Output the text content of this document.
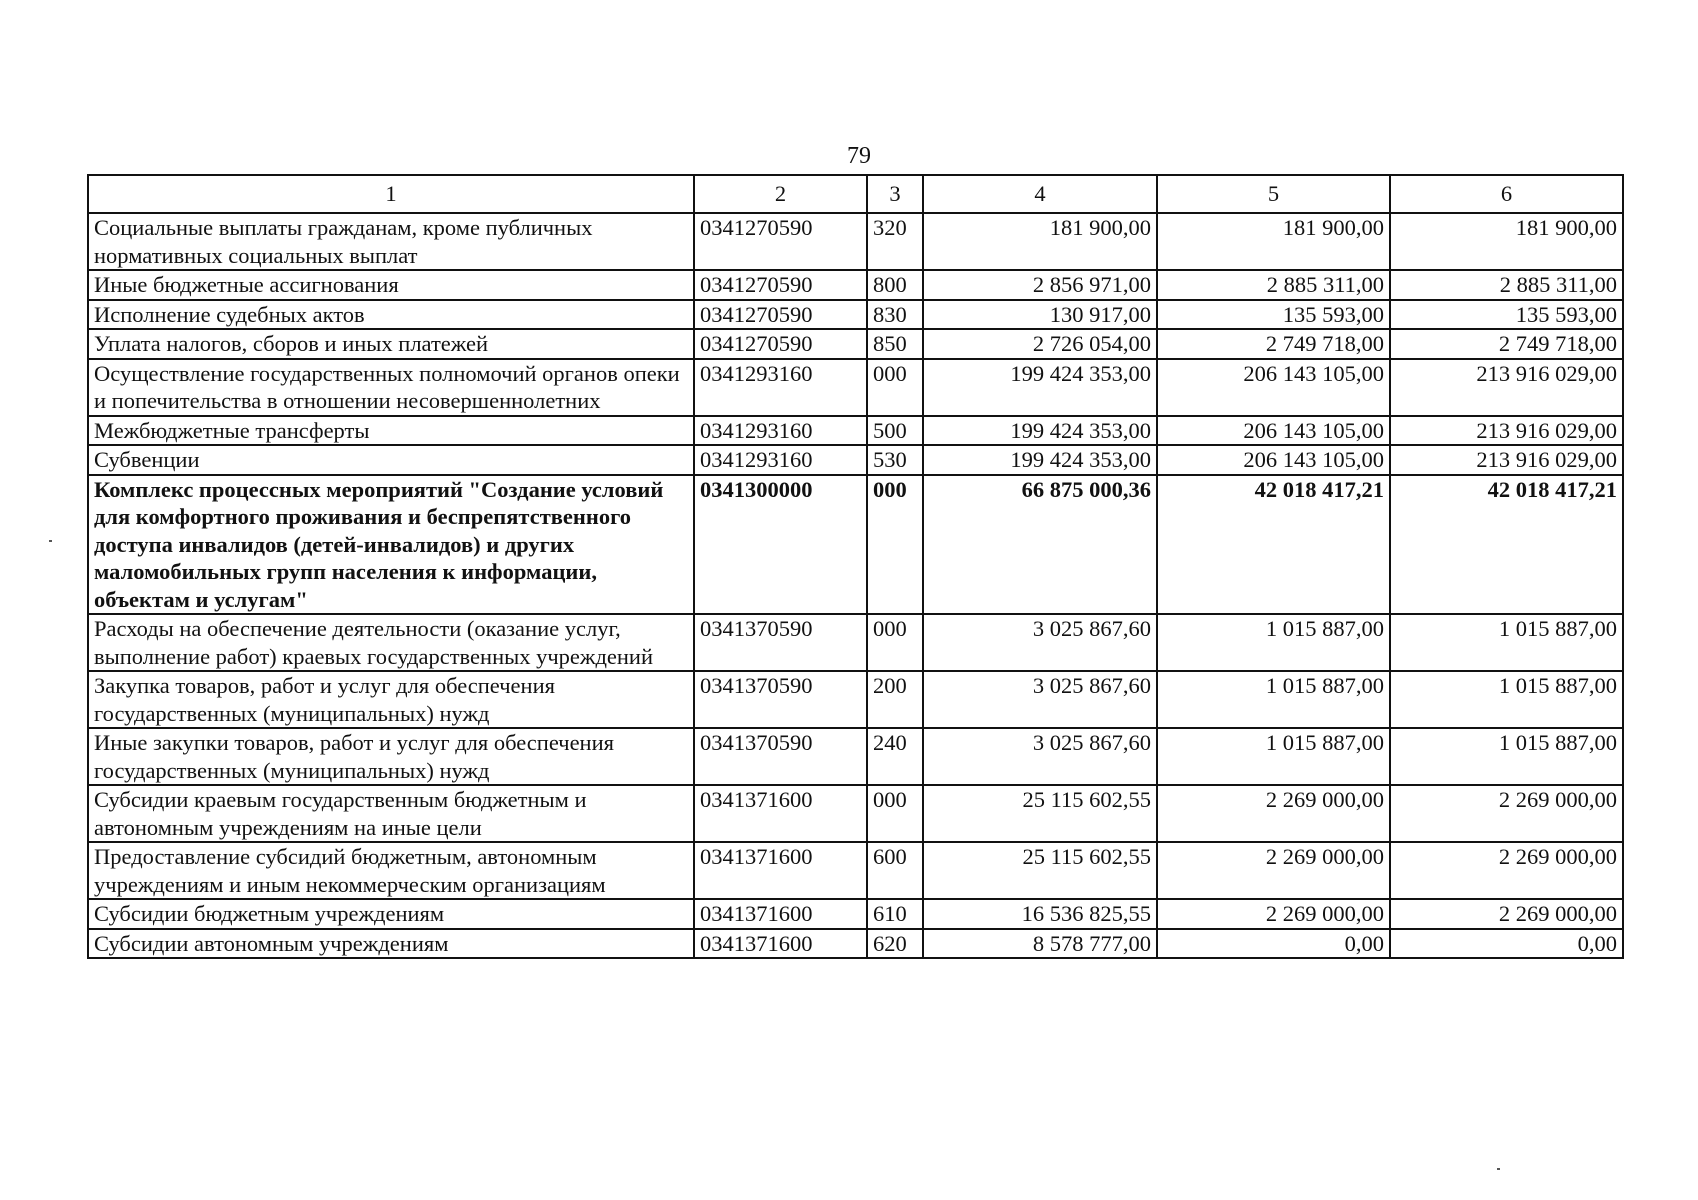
79
1	2	3	4	5	6
Социальные выплаты гражданам, кроме публичных нормативных социальных выплат	0341270590	320	181 900,00	181 900,00	181 900,00
Иные бюджетные ассигнования	0341270590	800	2 856 971,00	2 885 311,00	2 885 311,00
Исполнение судебных актов	0341270590	830	130 917,00	135 593,00	135 593,00
Уплата налогов, сборов и иных платежей	0341270590	850	2 726 054,00	2 749 718,00	2 749 718,00
Осуществление государственных полномочий органов опеки и попечительства в отношении несовершеннолетних	0341293160	000	199 424 353,00	206 143 105,00	213 916 029,00
Межбюджетные трансферты	0341293160	500	199 424 353,00	206 143 105,00	213 916 029,00
Субвенции	0341293160	530	199 424 353,00	206 143 105,00	213 916 029,00
Комплекс процессных мероприятий "Создание условий для комфортного проживания и беспрепятственного доступа инвалидов (детей-инвалидов) и других маломобильных групп населения к информации, объектам и услугам"	0341300000	000	66 875 000,36	42 018 417,21	42 018 417,21
Расходы на обеспечение деятельности (оказание услуг, выполнение работ) краевых государственных учреждений	0341370590	000	3 025 867,60	1 015 887,00	1 015 887,00
Закупка товаров, работ и услуг для обеспечения государственных (муниципальных) нужд	0341370590	200	3 025 867,60	1 015 887,00	1 015 887,00
Иные закупки товаров, работ и услуг для обеспечения государственных (муниципальных) нужд	0341370590	240	3 025 867,60	1 015 887,00	1 015 887,00
Субсидии краевым государственным бюджетным и автономным учреждениям на иные цели	0341371600	000	25 115 602,55	2 269 000,00	2 269 000,00
Предоставление субсидий бюджетным, автономным учреждениям и иным некоммерческим организациям	0341371600	600	25 115 602,55	2 269 000,00	2 269 000,00
Субсидии бюджетным учреждениям	0341371600	610	16 536 825,55	2 269 000,00	2 269 000,00
Субсидии автономным учреждениям	0341371600	620	8 578 777,00	0,00	0,00
